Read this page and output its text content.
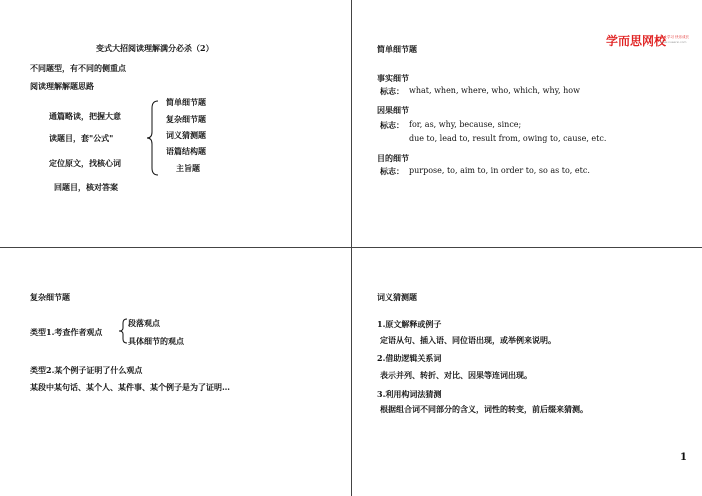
变式大招阅读理解满分必杀（2）
不同题型，有不同的侧重点
阅读理解解题思路
通篇略读，把握大意
读题目，套"公式"
定位原文，找核心词
回题目，核对答案
简单细节题
复杂细节题
词义猜测题
语篇结构题
主旨题
学而思网校
爱上学习 快乐成长
www.xueersi.com
简单细节题
事实细节
标志： what, when, where, who, which, why, how
因果细节
标志： for, as, why, because, since;
due to, lead to, result from, owing to, cause, etc.
目的细节
标志： purpose, to, aim to, in order to, so as to, etc.
复杂细节题
类型1.考查作者观点
段落观点
具体细节的观点
类型2.某个例子证明了什么观点
某段中某句话、某个人、某件事、某个例子是为了证明…
词义猜测题
1.原文解释或例子
定语从句、插入语、同位语出现，或举例来说明。
2.借助逻辑关系词
表示并列、转折、对比、因果等连词出现。
3.利用构词法猜测
根据组合词不同部分的含义，词性的转变，前后缀来猜测。
1
